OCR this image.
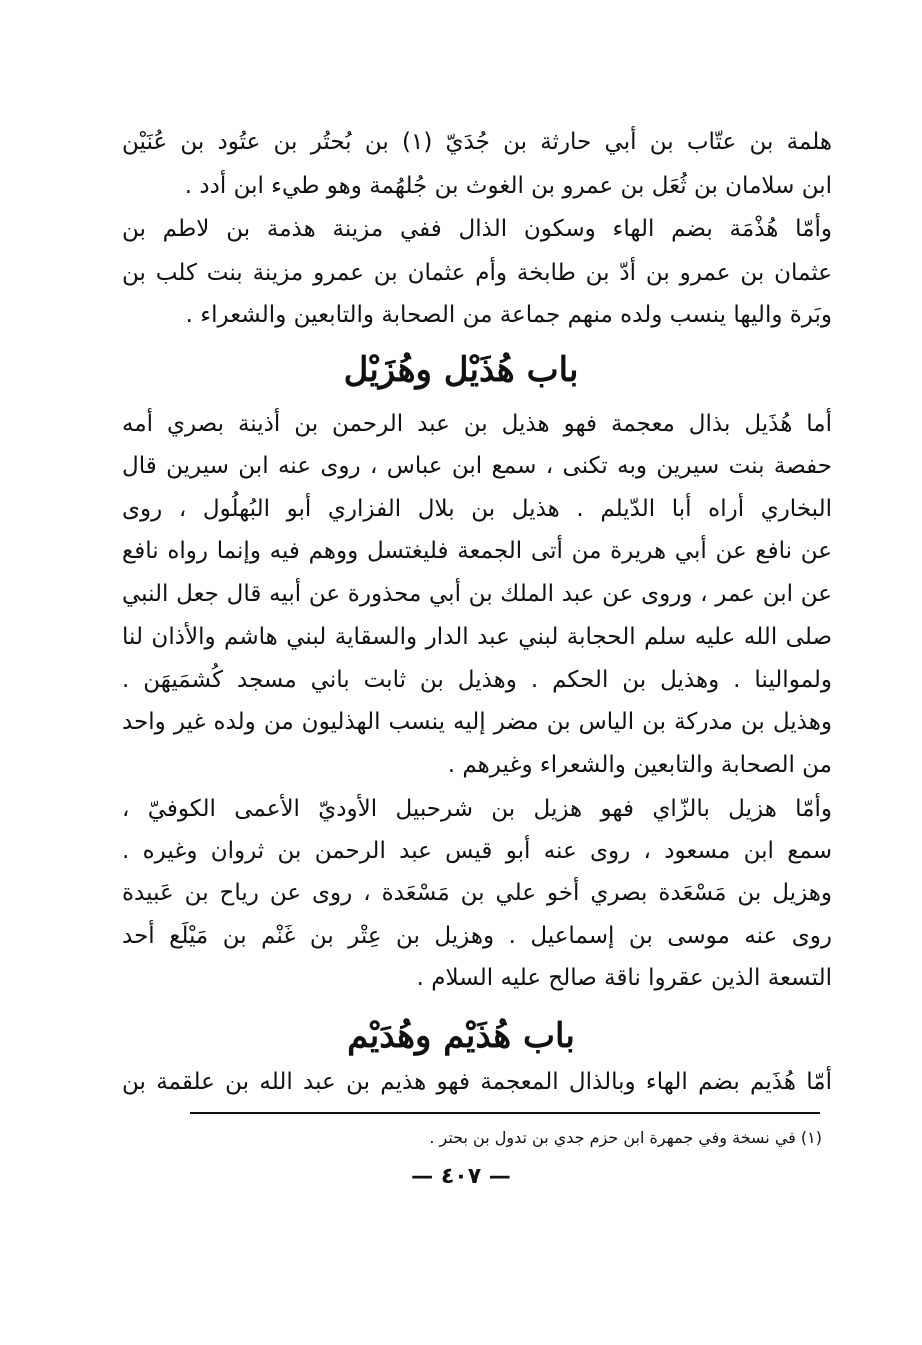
هلمة بن عتّاب بن أبي حارثة بن جُدَيّ (١) بن بُحتُر بن عتُود بن عُنَيْن
ابن سلامان بن ثُعَل بن عمرو بن الغوث بن جُلهُمة وهو طيء ابن أدد .
وأمّا هُذْمَة بضم الهاء وسكون الذال ففي مزينة هذمة بن لاطم بن
عثمان بن عمرو بن أدّ بن طابخة وأم عثمان بن عمرو مزينة بنت كلب بن
وبَرة واليها ينسب ولده منهم جماعة من الصحابة والتابعين والشعراء .
باب هُذَيْل وهُزَيْل
أما هُذَيل بذال معجمة فهو هذيل بن عبد الرحمن بن أذينة بصري أمه
حفصة بنت سيرين وبه تكنى ، سمع ابن عباس ، روى عنه ابن سيرين قال
البخاري أراه أبا الدّيلم . هذيل بن بلال الفزاري أبو البُهلُول ، روى
عن نافع عن أبي هريرة من أتى الجمعة فليغتسل ووهم فيه وإنما رواه نافع
عن ابن عمر ، وروى عن عبد الملك بن أبي محذورة عن أبيه قال جعل النبي
صلى الله عليه سلم الحجابة لبني عبد الدار والسقاية لبني هاشم والأذان لنا
ولموالينا . وهذيل بن الحكم . وهذيل بن ثابت باني مسجد كُشمَيهَن .
وهذيل بن مدركة بن الياس بن مضر إليه ينسب الهذليون من ولده غير واحد
من الصحابة والتابعين والشعراء وغيرهم .
وأمّا هزيل بالزّاي فهو هزيل بن شرحبيل الأوديّ الأعمى الكوفيّ ،
سمع ابن مسعود ، روى عنه أبو قيس عبد الرحمن بن ثروان وغيره .
وهزيل بن مَسْعَدة بصري أخو علي بن مَسْعَدة ، روى عن رياح بن عَبيدة
روى عنه موسى بن إسماعيل . وهزيل بن عِتْر بن غَنْم بن مَيْلَع أحد
التسعة الذين عقروا ناقة صالح عليه السلام .
باب هُذَيْم وهُدَيْم
أمّا هُذَيم بضم الهاء وبالذال المعجمة فهو هذيم بن عبد الله بن علقمة بن
(١) في نسخة وفي جمهرة ابن حزم جدي بن تدول بن بحتر .
— ٤٠٧ —
